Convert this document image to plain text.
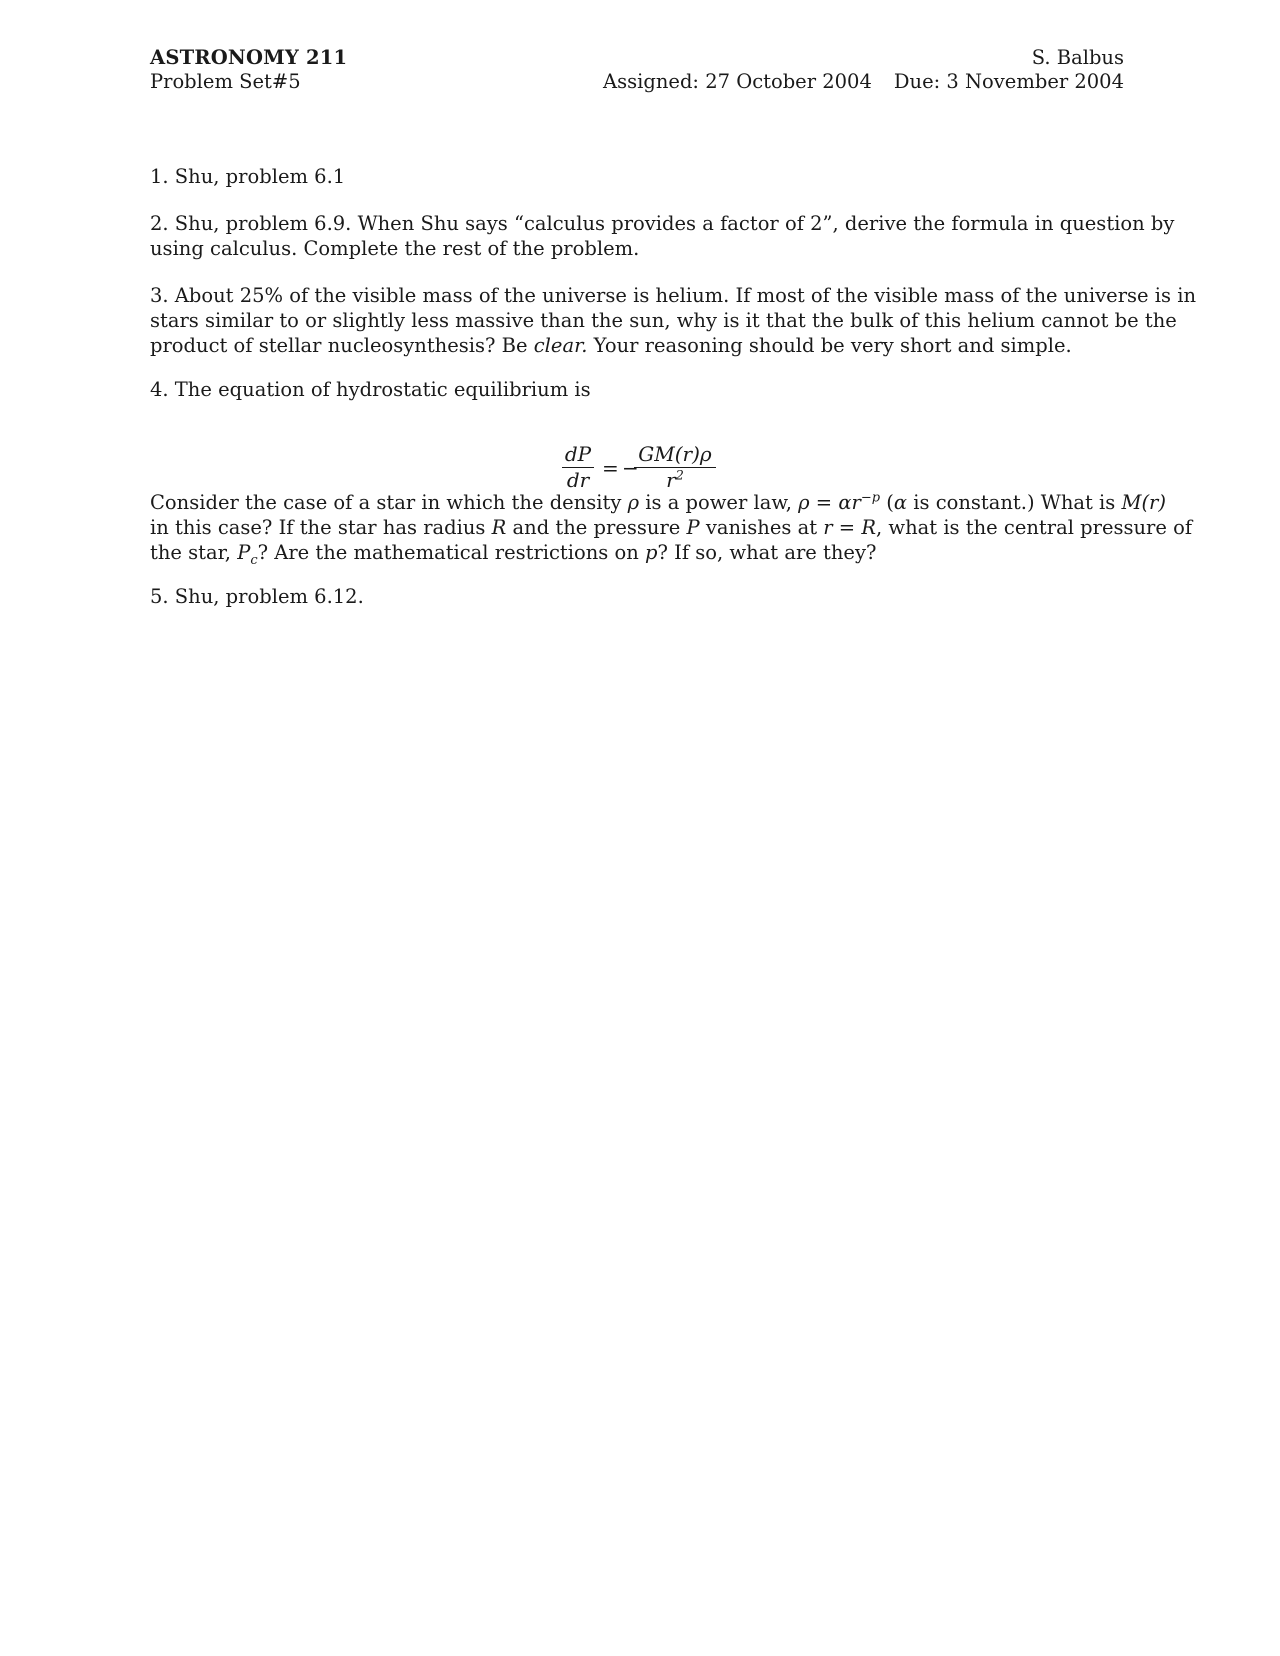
ASTRONOMY 211	S. Balbus
Problem Set#5	Assigned: 27 October 2004 Due: 3 November 2004
1. Shu, problem 6.1
2. Shu, problem 6.9. When Shu says “calculus provides a factor of 2”, derive the formula in question by
using calculus. Complete the rest of the problem.
3. About 25% of the visible mass of the universe is helium. If most of the visible mass of the universe is in
stars similar to or slightly less massive than the sun, why is it that the bulk of this helium cannot be the
product of stellar nucleosynthesis? Be clear. Your reasoning should be very short and simple.
4. The equation of hydrostatic equilibrium is
dP
dr = −
GM(r)ρ
$r^2$
Consider the case of a star in which the density ρ is a power law, $\rho = \alpha r^{-p}$ (α is constant.) What is M(r)
in this case? If the star has radius R and the pressure P vanishes at r = R, what is the central pressure of
the star, $P_c$? Are the mathematical restrictions on p? If so, what are they?
5. Shu, problem 6.12.
